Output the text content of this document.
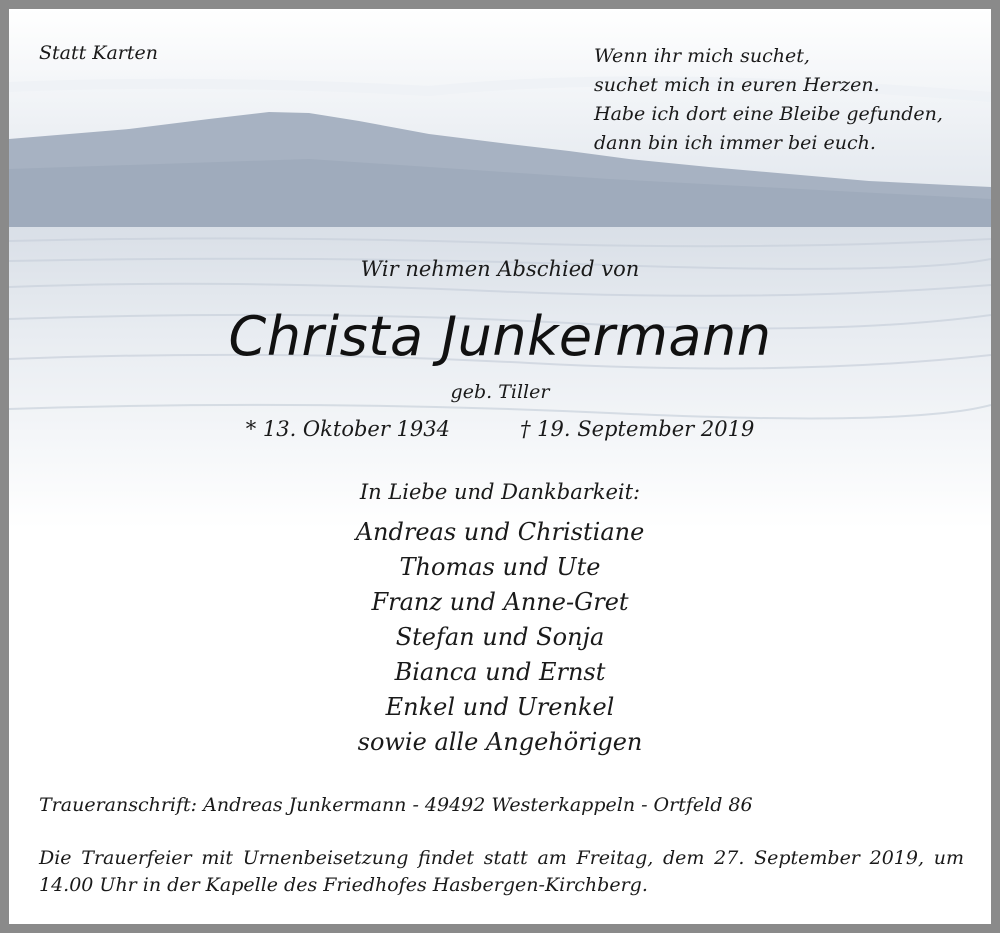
Statt Karten	Wenn ihr mich suchet,
suchet mich in euren Herzen.
Habe ich dort eine Bleibe gefunden,
dann bin ich immer bei euch.
Wir nehmen Abschied von
Christa Junkermann
geb. Tiller
* 13. Oktober 1934	† 19. September 2019
In Liebe und Dankbarkeit:
Andreas und Christiane
Thomas und Ute
Franz und Anne-Gret
Stefan und Sonja
Bianca und Ernst
Enkel und Urenkel
sowie alle Angehörigen
Traueranschrift: Andreas Junkermann - 49492 Westerkappeln - Ortfeld 86
Die Trauerfeier mit Urnenbeisetzung findet statt am Freitag, dem 27. September 2019, um 14.00 Uhr in der Kapelle des Friedhofes Hasbergen-Kirchberg.
